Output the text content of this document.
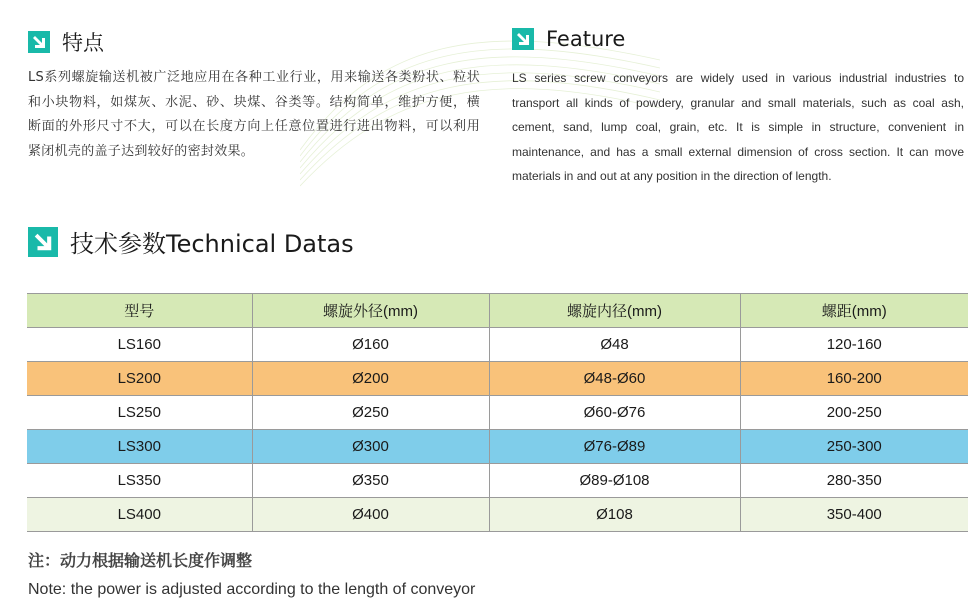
特点
LS系列螺旋输送机被广泛地应用在各种工业行业，用来输送各类粉状、粒状和小块物料，如煤灰、水泥、砂、块煤、谷类等。结构简单，维护方便，横断面的外形尺寸不大，可以在长度方向上任意位置进行进出物料，可以利用紧闭机壳的盖子达到较好的密封效果。
Feature
LS series screw conveyors are widely used in various industrial industries to transport all kinds of powdery, granular and small materials, such as coal ash, cement, sand, lump coal, grain, etc. It is simple in structure, convenient in maintenance, and has a small external dimension of cross section. It can move materials in and out at any position in the direction of length.
技术参数Technical Datas
型号	螺旋外径(mm)	螺旋内径(mm)	螺距(mm)
LS160	Ø160	Ø48	120-160
LS200	Ø200	Ø48-Ø60	160-200
LS250	Ø250	Ø60-Ø76	200-250
LS300	Ø300	Ø76-Ø89	250-300
LS350	Ø350	Ø89-Ø108	280-350
LS400	Ø400	Ø108	350-400
注：动力根据输送机长度作调整
Note: the power is adjusted according to the length of conveyor
